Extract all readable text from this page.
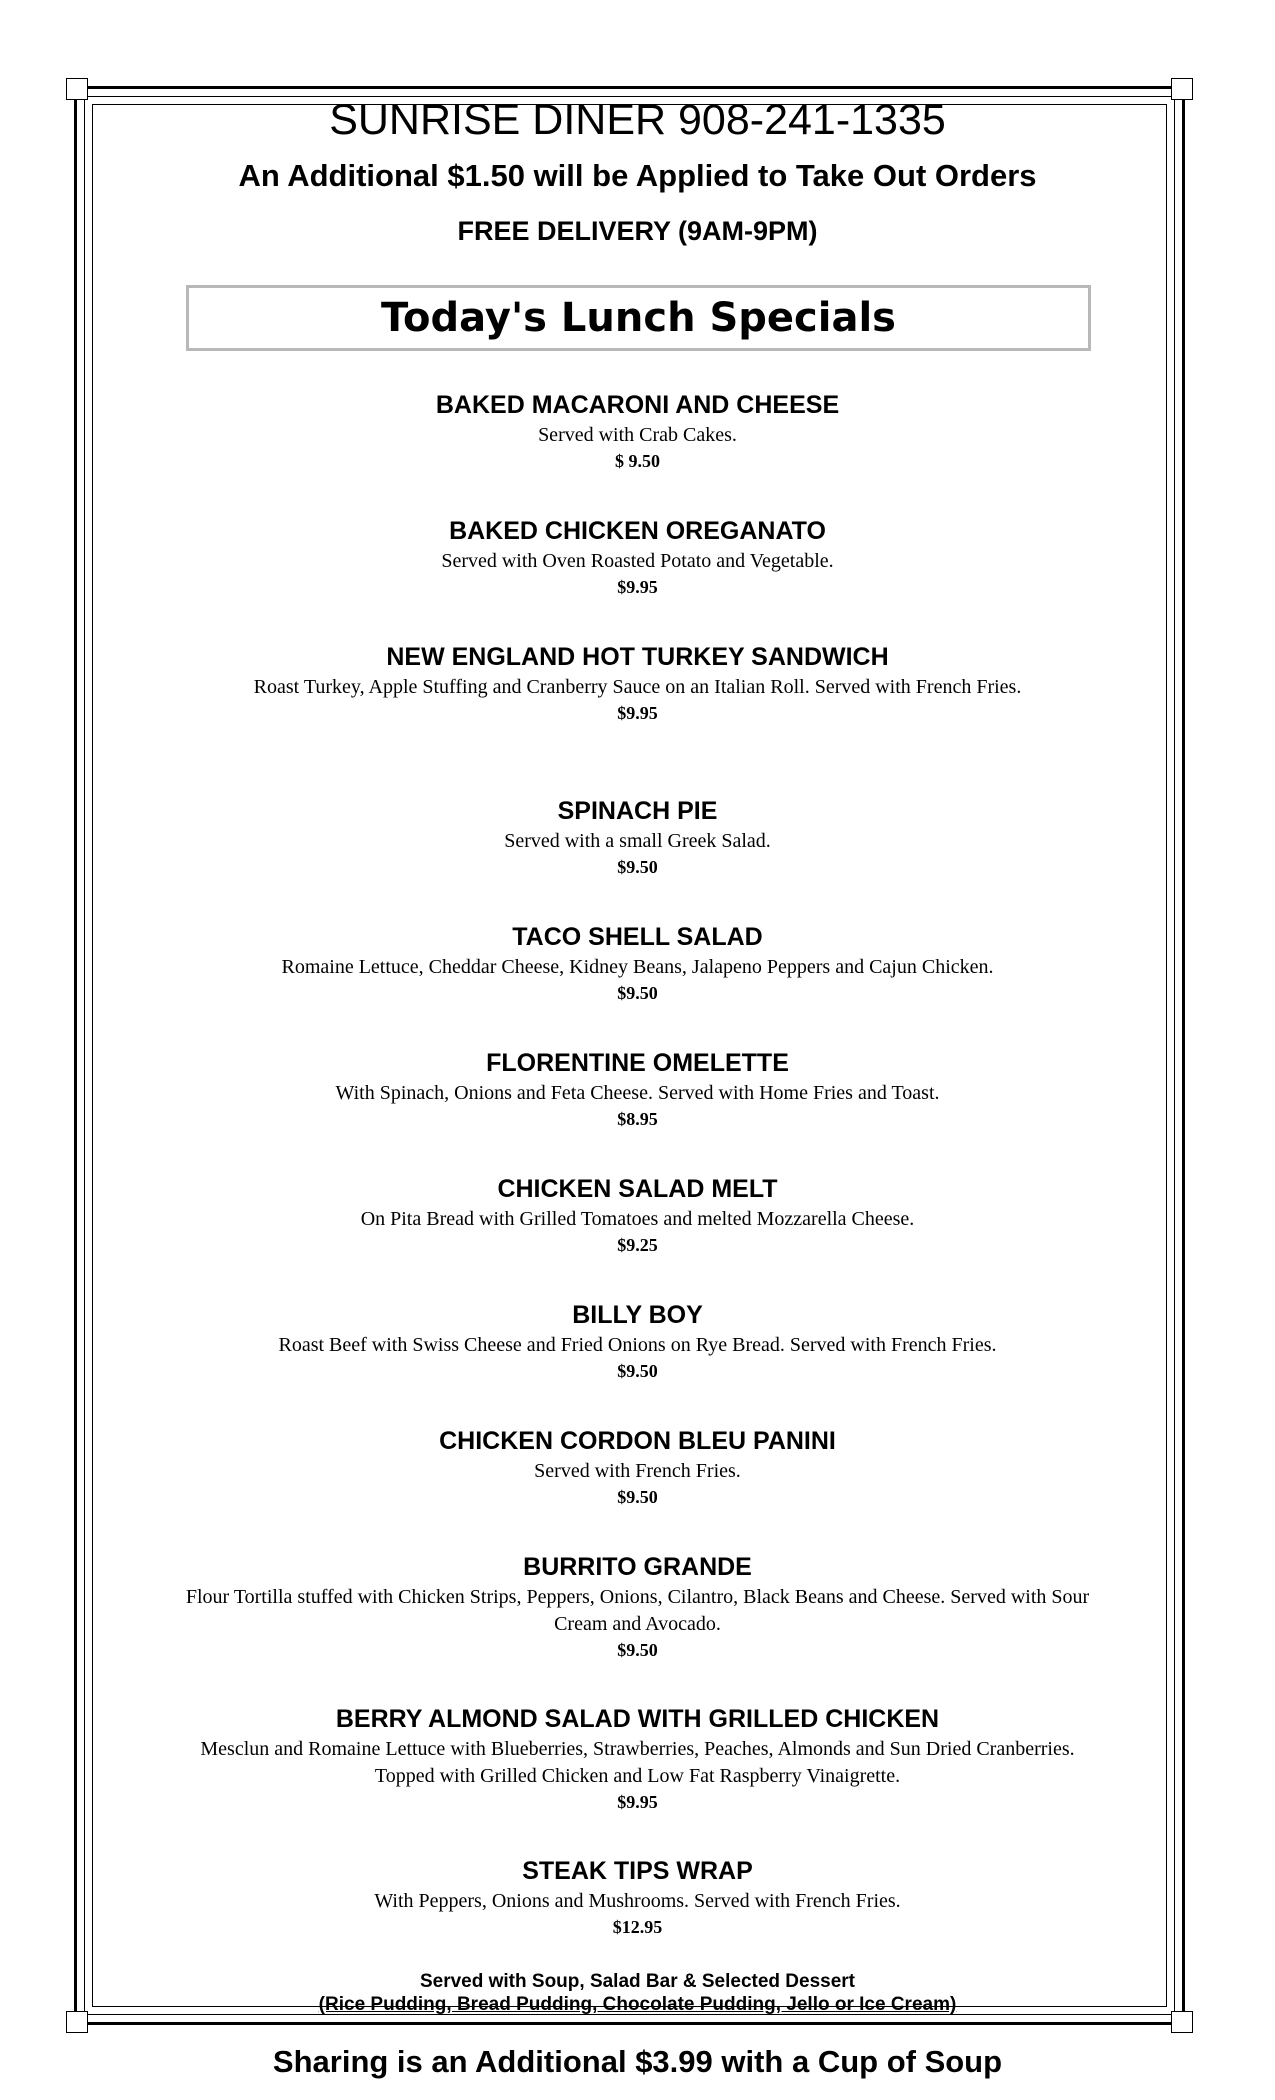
SUNRISE DINER 908-241-1335
An Additional $1.50 will be Applied to Take Out Orders
FREE DELIVERY (9AM-9PM)
Today's Lunch Specials
BAKED MACARONI AND CHEESE
Served with Crab Cakes.
$ 9.50
BAKED CHICKEN OREGANATO
Served with Oven Roasted Potato and Vegetable.
$9.95
NEW ENGLAND HOT TURKEY SANDWICH
Roast Turkey, Apple Stuffing and Cranberry Sauce on an Italian Roll. Served with French Fries.
$9.95
SPINACH PIE
Served with a small Greek Salad.
$9.50
TACO SHELL SALAD
Romaine Lettuce, Cheddar Cheese, Kidney Beans, Jalapeno Peppers and Cajun Chicken.
$9.50
FLORENTINE OMELETTE
With Spinach, Onions and Feta Cheese. Served with Home Fries and Toast.
$8.95
CHICKEN SALAD MELT
On Pita Bread with Grilled Tomatoes and melted Mozzarella Cheese.
$9.25
BILLY BOY
Roast Beef with Swiss Cheese and Fried Onions on Rye Bread. Served with French Fries.
$9.50
CHICKEN CORDON BLEU PANINI
Served with French Fries.
$9.50
BURRITO GRANDE
Flour Tortilla stuffed with Chicken Strips, Peppers, Onions, Cilantro, Black Beans and Cheese. Served with Sour Cream and Avocado.
$9.50
BERRY ALMOND SALAD WITH GRILLED CHICKEN
Mesclun and Romaine Lettuce with Blueberries, Strawberries, Peaches, Almonds and Sun Dried Cranberries. Topped with Grilled Chicken and Low Fat Raspberry Vinaigrette.
$9.95
STEAK TIPS WRAP
With Peppers, Onions and Mushrooms. Served with French Fries.
$12.95
Served with Soup, Salad Bar & Selected Dessert
(Rice Pudding, Bread Pudding, Chocolate Pudding, Jello or Ice Cream)
Sharing is an Additional $3.99 with a Cup of Soup
